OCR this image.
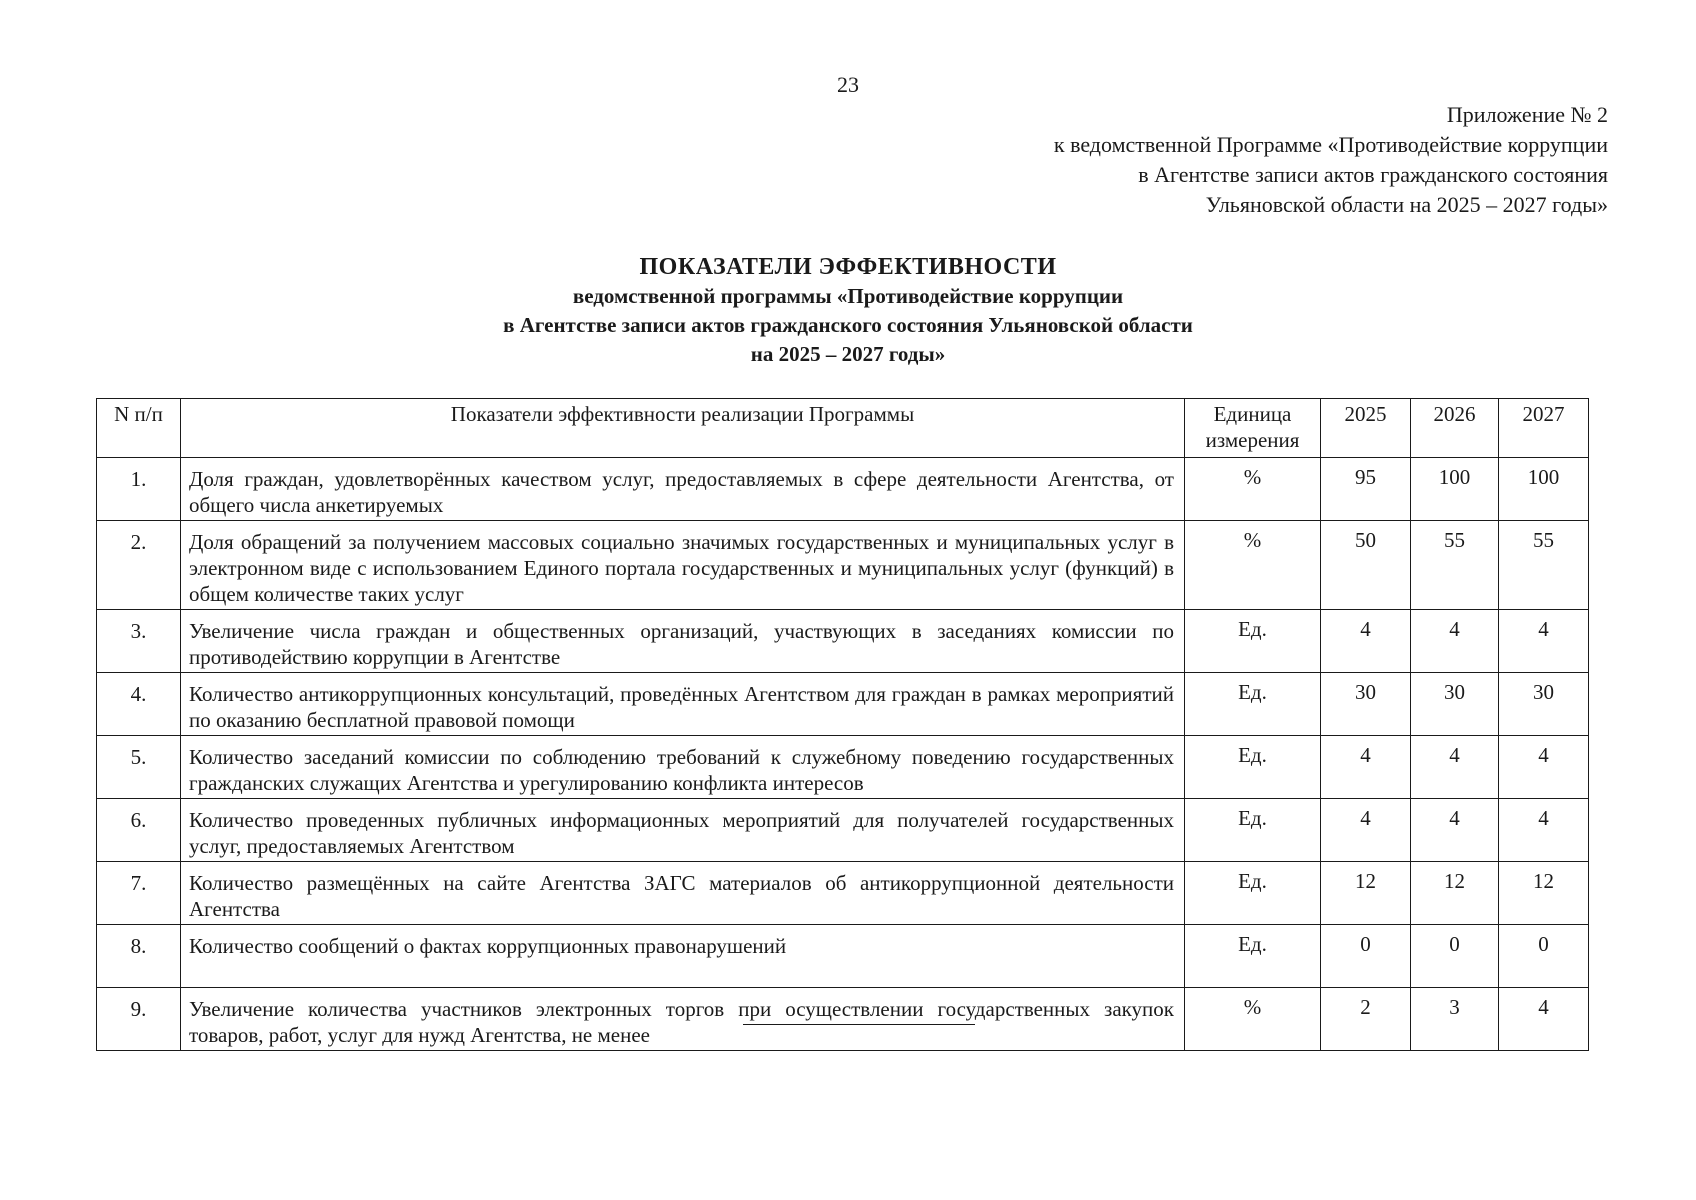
23
Приложение № 2
к ведомственной Программе «Противодействие коррупции
в Агентстве записи актов гражданского состояния
Ульяновской области на 2025 – 2027 годы»
ПОКАЗАТЕЛИ ЭФФЕКТИВНОСТИ
ведомственной программы «Противодействие коррупции
в Агентстве записи актов гражданского состояния Ульяновской области
на 2025 – 2027 годы»
N п/п	Показатели эффективности реализации Программы	Единица измерения	2025	2026	2027
1.	Доля граждан, удовлетворённых качеством услуг, предоставляемых в сфере деятельности Агентства, от общего числа анкетируемых	%	95	100	100
2.	Доля обращений за получением массовых социально значимых государственных и муниципальных услуг в электронном виде с использованием Единого портала государственных и муниципальных услуг (функций) в общем количестве таких услуг	%	50	55	55
3.	Увеличение числа граждан и общественных организаций, участвующих в заседаниях комиссии по противодействию коррупции в Агентстве	Ед.	4	4	4
4.	Количество антикоррупционных консультаций, проведённых Агентством для граждан в рамках мероприятий по оказанию бесплатной правовой помощи	Ед.	30	30	30
5.	Количество заседаний комиссии по соблюдению требований к служебному поведению государственных гражданских служащих Агентства и урегулированию конфликта интересов	Ед.	4	4	4
6.	Количество проведенных публичных информационных мероприятий для получателей государственных услуг, предоставляемых Агентством	Ед.	4	4	4
7.	Количество размещённых на сайте Агентства ЗАГС материалов об антикоррупционной деятельности Агентства	Ед.	12	12	12
8.	Количество сообщений о фактах коррупционных правонарушений	Ед.	0	0	0
9.	Увеличение количества участников электронных торгов при осуществлении государственных закупок товаров, работ, услуг для нужд Агентства, не менее	%	2	3	4
